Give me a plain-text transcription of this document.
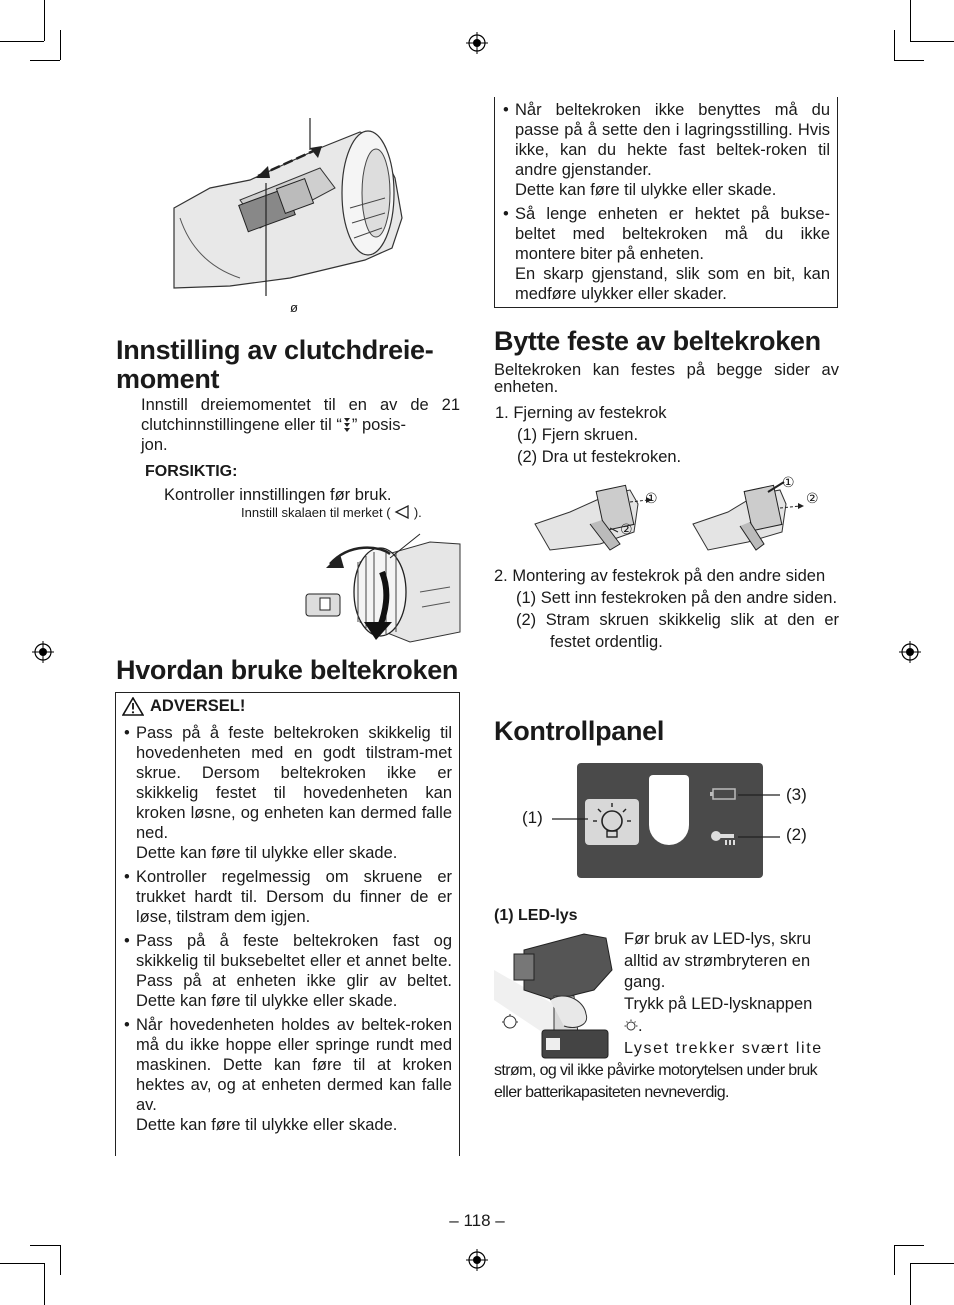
ø
Innstilling av clutchdreie-
moment
Innstill dreiemomentet til en av de 21 clutchinnstillingene eller til “ ” posis-
jon.
FORSIKTIG:
Kontroller innstillingen før bruk.
Innstill skalaen til merket ( ).
Hvordan bruke beltekroken
ADVERSEL!
• Pass på å feste beltekroken skikkelig til hovedenheten med en godt tilstram-met skrue. Dersom beltekroken ikke er skikkelig festet til hovedenheten kan kroken løsne, og enheten kan dermed falle ned.

Dette kan føre til ulykke eller skade.
• Kontroller regelmessig om skruene er trukket hardt til. Dersom du finner de er løse, tilstram dem igjen.
• Pass på å feste beltekroken fast og skikkelig til buksebeltet eller et annet belte. Pass på at enheten ikke glir av beltet. Dette kan føre til ulykke eller skade.
• Når hovedenheten holdes av beltek-roken må du ikke hoppe eller springe rundt med maskinen. Dette kan føre til at kroken hektes av, og at enheten dermed kan falle av.

Dette kan føre til ulykke eller skade.
• Når beltekroken ikke benyttes må du passe på å sette den i lagringsstilling. Hvis ikke, kan du hekte fast beltek-roken til andre gjenstander.

Dette kan føre til ulykke eller skade.
• Så lenge enheten er hektet på bukse-beltet med beltekroken må du ikke montere biter på enheten.
En skarp gjenstand, slik som en bit, kan medføre ulykker eller skader.
Bytte feste av beltekroken
Beltekroken kan festes på begge sider av enheten.
1. Fjerning av festekrok
(1) Fjern skruen.
(2) Dra ut festekroken.
①
②
①
②
2. Montering av festekrok på den andre siden
(1) Sett inn festekroken på den andre siden.
(2) Stram skruen skikkelig slik at den er festet ordentlig.
Kontrollpanel
(1)
(3)
(2)
(1) LED-lys
Før bruk av LED-lys, skru alltid av strømbryteren en gang.
Trykk på LED-lysknappen
.
Lyset trekker svært lite
strøm, og vil ikke påvirke motorytelsen under bruk eller batterikapasiteten nevneverdig.
– 118 –
